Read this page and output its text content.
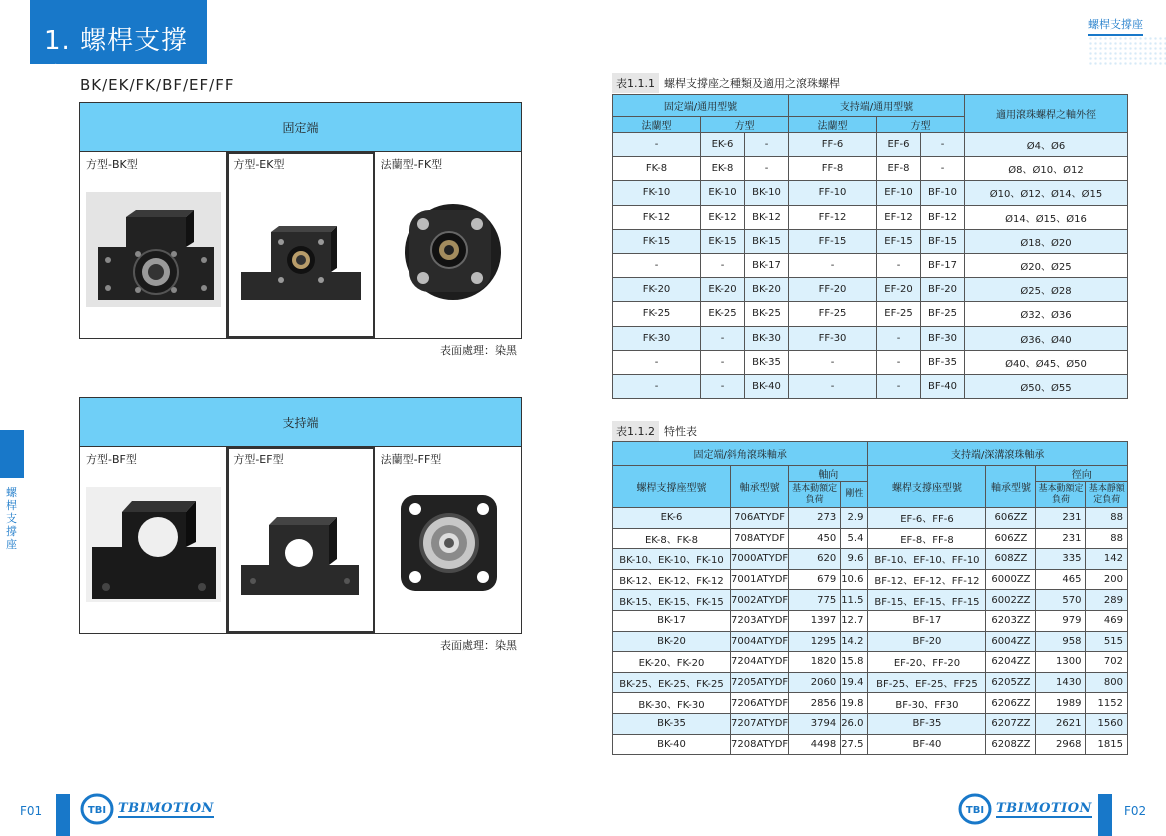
1. 螺桿支撐座 BK/EK/FK/BF/EF/FF
固定端
方型-BK型	方型-EK型	法蘭型-FK型
表面處理：染黑
支持端
方型-BF型	方型-EF型	法蘭型-FF型
表面處理：染黑
螺桿支撐座
螺桿支撐座
表1.1.1 螺桿支撐座之種類及適用之滾珠螺桿
固定端/通用型號			支持端/通用型號			適用滾珠螺桿之軸外徑
法蘭型	方型		法蘭型	方型		
-	EK-6	-	FF-6	EF-6	-	Ø4、Ø6
FK-8	EK-8	-	FF-8	EF-8	-	Ø8、Ø10、Ø12
FK-10	EK-10	BK-10	FF-10	EF-10	BF-10	Ø10、Ø12、Ø14、Ø15
FK-12	EK-12	BK-12	FF-12	EF-12	BF-12	Ø14、Ø15、Ø16
FK-15	EK-15	BK-15	FF-15	EF-15	BF-15	Ø18、Ø20
-	-	BK-17	-	-	BF-17	Ø20、Ø25
FK-20	EK-20	BK-20	FF-20	EF-20	BF-20	Ø25、Ø28
FK-25	EK-25	BK-25	FF-25	EF-25	BF-25	Ø32、Ø36
FK-30	-	BK-30	FF-30	-	BF-30	Ø36、Ø40
-	-	BK-35	-	-	BF-35	Ø40、Ø45、Ø50
-	-	BK-40	-	-	BF-40	Ø50、Ø55
表1.1.2 特性表
固定端/斜角滾珠軸承				支持端/深溝滾珠軸承			
螺桿支撐座型號	軸承型號	軸向		螺桿支撐座型號	軸承型號	徑向	
		基本動額定負荷	剛性			基本動額定負荷	基本靜額定負荷
EK-6	706ATYDF	273	2.9	EF-6、FF-6	606ZZ	231	88
EK-8、FK-8	708ATYDF	450	5.4	EF-8、FF-8	606ZZ	231	88
BK-10、EK-10、FK-10	7000ATYDF	620	9.6	BF-10、EF-10、FF-10	608ZZ	335	142
BK-12、EK-12、FK-12	7001ATYDF	679	10.6	BF-12、EF-12、FF-12	6000ZZ	465	200
BK-15、EK-15、FK-15	7002ATYDF	775	11.5	BF-15、EF-15、FF-15	6002ZZ	570	289
BK-17	7203ATYDF	1397	12.7	BF-17	6203ZZ	979	469
BK-20	7004ATYDF	1295	14.2	BF-20	6004ZZ	958	515
EK-20、FK-20	7204ATYDF	1820	15.8	EF-20、FF-20	6204ZZ	1300	702
BK-25、EK-25、FK-25	7205ATYDF	2060	19.4	BF-25、EF-25、FF25	6205ZZ	1430	800
BK-30、FK-30	7206ATYDF	2856	19.8	BF-30、FF30	6206ZZ	1989	1152
BK-35	7207ATYDF	3794	26.0	BF-35	6207ZZ	2621	1560
BK-40	7208ATYDF	4498	27.5	BF-40	6208ZZ	2968	1815
F01	TBI TBIMOTION	TBI TBIMOTION	F02
